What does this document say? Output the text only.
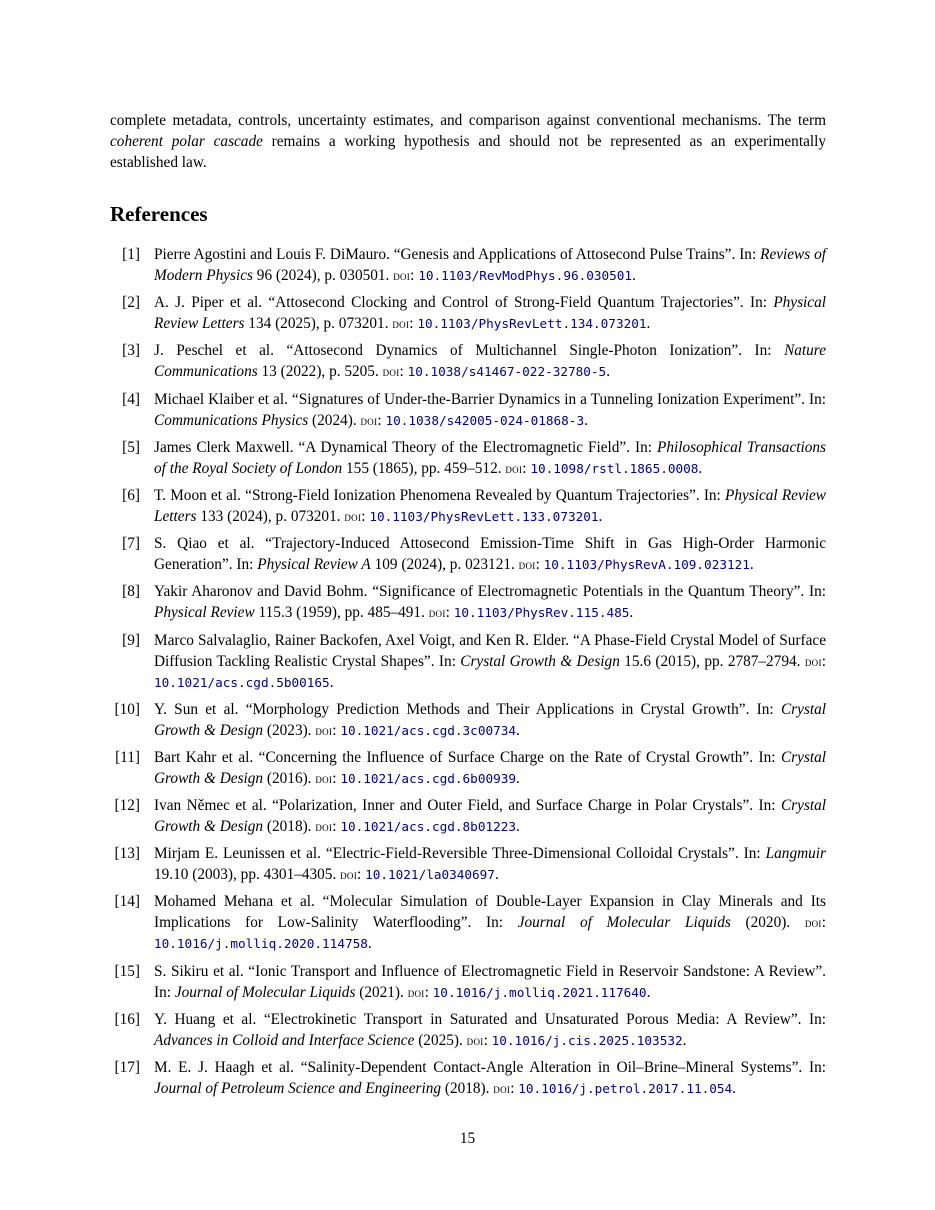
complete metadata, controls, uncertainty estimates, and comparison against conventional mechanisms. The term coherent polar cascade remains a working hypothesis and should not be represented as an experimentally established law.

References
[1] Pierre Agostini and Louis F. DiMauro. “Genesis and Applications of Attosecond Pulse Trains”. In: Reviews of Modern Physics 96 (2024), p. 030501. doi: 10.1103/RevModPhys.96.030501.
[2] A. J. Piper et al. “Attosecond Clocking and Control of Strong-Field Quantum Trajectories”. In: Physical Review Letters 134 (2025), p. 073201. doi: 10.1103/PhysRevLett.134.073201.
[3] J. Peschel et al. “Attosecond Dynamics of Multichannel Single-Photon Ionization”. In: Nature Communications 13 (2022), p. 5205. doi: 10.1038/s41467-022-32780-5.
[4] Michael Klaiber et al. “Signatures of Under-the-Barrier Dynamics in a Tunneling Ionization Experiment”. In: Communications Physics (2024). doi: 10.1038/s42005-024-01868-3.
[5] James Clerk Maxwell. “A Dynamical Theory of the Electromagnetic Field”. In: Philosophical Transactions of the Royal Society of London 155 (1865), pp. 459–512. doi: 10.1098/rstl.1865.0008.
[6] T. Moon et al. “Strong-Field Ionization Phenomena Revealed by Quantum Trajectories”. In: Physical Review Letters 133 (2024), p. 073201. doi: 10.1103/PhysRevLett.133.073201.
[7] S. Qiao et al. “Trajectory-Induced Attosecond Emission-Time Shift in Gas High-Order Harmonic Generation”. In: Physical Review A 109 (2024), p. 023121. doi: 10.1103/PhysRevA.109.023121.
[8] Yakir Aharonov and David Bohm. “Significance of Electromagnetic Potentials in the Quantum Theory”. In: Physical Review 115.3 (1959), pp. 485–491. doi: 10.1103/PhysRev.115.485.
[9] Marco Salvalaglio, Rainer Backofen, Axel Voigt, and Ken R. Elder. “A Phase-Field Crystal Model of Surface Diffusion Tackling Realistic Crystal Shapes”. In: Crystal Growth & Design 15.6 (2015), pp. 2787–2794. doi: 10.1021/acs.cgd.5b00165.
[10] Y. Sun et al. “Morphology Prediction Methods and Their Applications in Crystal Growth”. In: Crystal Growth & Design (2023). doi: 10.1021/acs.cgd.3c00734.
[11] Bart Kahr et al. “Concerning the Influence of Surface Charge on the Rate of Crystal Growth”. In: Crystal Growth & Design (2016). doi: 10.1021/acs.cgd.6b00939.
[12] Ivan Němec et al. “Polarization, Inner and Outer Field, and Surface Charge in Polar Crystals”. In: Crystal Growth & Design (2018). doi: 10.1021/acs.cgd.8b01223.
[13] Mirjam E. Leunissen et al. “Electric-Field-Reversible Three-Dimensional Colloidal Crystals”. In: Langmuir 19.10 (2003), pp. 4301–4305. doi: 10.1021/la0340697.
[14] Mohamed Mehana et al. “Molecular Simulation of Double-Layer Expansion in Clay Minerals and Its Implications for Low-Salinity Waterflooding”. In: Journal of Molecular Liquids (2020). doi: 10.1016/j.molliq.2020.114758.
[15] S. Sikiru et al. “Ionic Transport and Influence of Electromagnetic Field in Reservoir Sandstone: A Review”. In: Journal of Molecular Liquids (2021). doi: 10.1016/j.molliq.2021.117640.
[16] Y. Huang et al. “Electrokinetic Transport in Saturated and Unsaturated Porous Media: A Review”. In: Advances in Colloid and Interface Science (2025). doi: 10.1016/j.cis.2025.103532.
[17] M. E. J. Haagh et al. “Salinity-Dependent Contact-Angle Alteration in Oil–Brine–Mineral Systems”. In: Journal of Petroleum Science and Engineering (2018). doi: 10.1016/j.petrol.2017.11.054.
15
